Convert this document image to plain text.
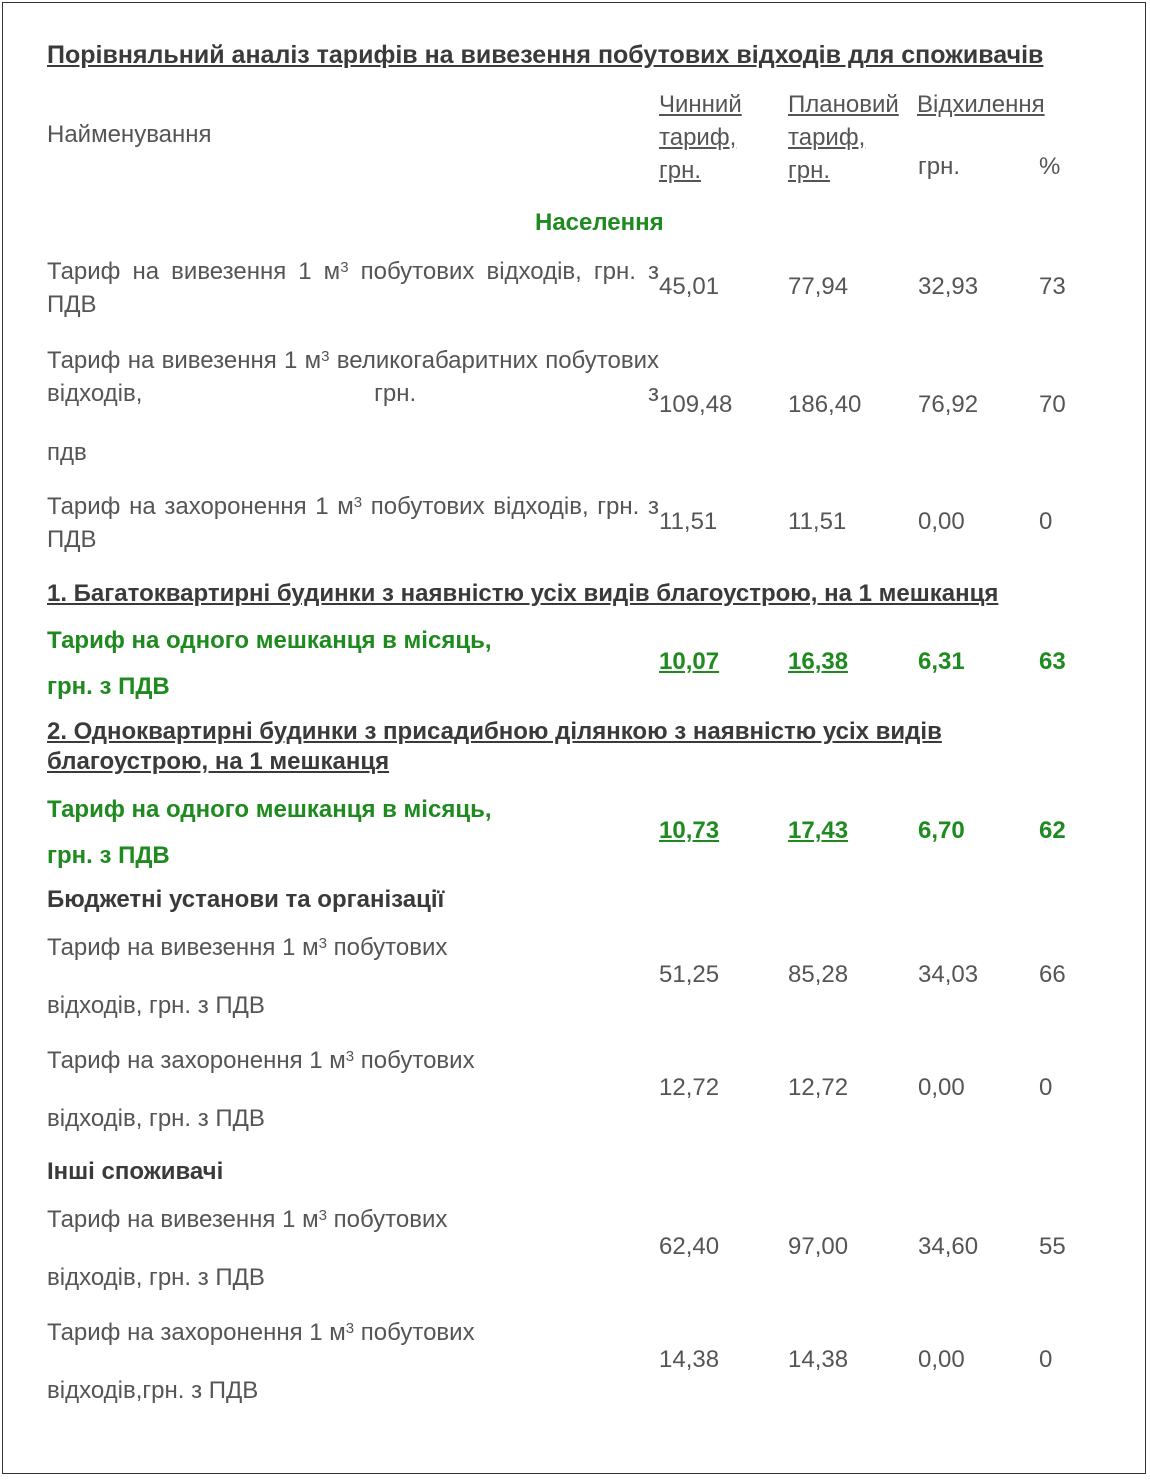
Порівняльний аналіз тарифів на вивезення побутових відходів для споживачів
Найменування
Чинний тариф, грн.
Плановий тариф, грн.
Відхилення
грн.	%
Населення
Тариф на вивезення 1 $м^3$ побутових відходів, грн. з ПДВ
45,01	77,94	32,93	73
Тариф на вивезення 1 $м^3$ великогабаритних побутових відходів, грн. з
пдв
109,48 186,40 76,92	70
Тариф на захоронення 1 $м^3$ побутових відходів, грн. з ПДВ
11,51	11,51	0,00	0
1. Багатоквартирні будинки з наявністю усіх видів благоустрою, на 1 мешканця
Тариф на одного мешканця в місяць,
грн. з ПДВ
10,07	16,38	6,31	63
2. Одноквартирні будинки з присадибною ділянкою з наявністю усіх видів благоустрою, на 1 мешканця
Тариф на одного мешканця в місяць,
грн. з ПДВ
10,73	17,43	6,70	62
Бюджетні установи та організації
Тариф на вивезення 1 $м^3$ побутових
відходів, грн. з ПДВ
51,25	85,28	34,03	66
Тариф на захоронення 1 $м^3$ побутових
відходів, грн. з ПДВ
12,72	12,72	0,00	0
Інші споживачі
Тариф на вивезення 1 $м^3$ побутових
відходів, грн. з ПДВ
62,40	97,00	34,60	55
Тариф на захоронення 1 $м^3$ побутових
відходів,грн. з ПДВ
14,38	14,38	0,00	0
